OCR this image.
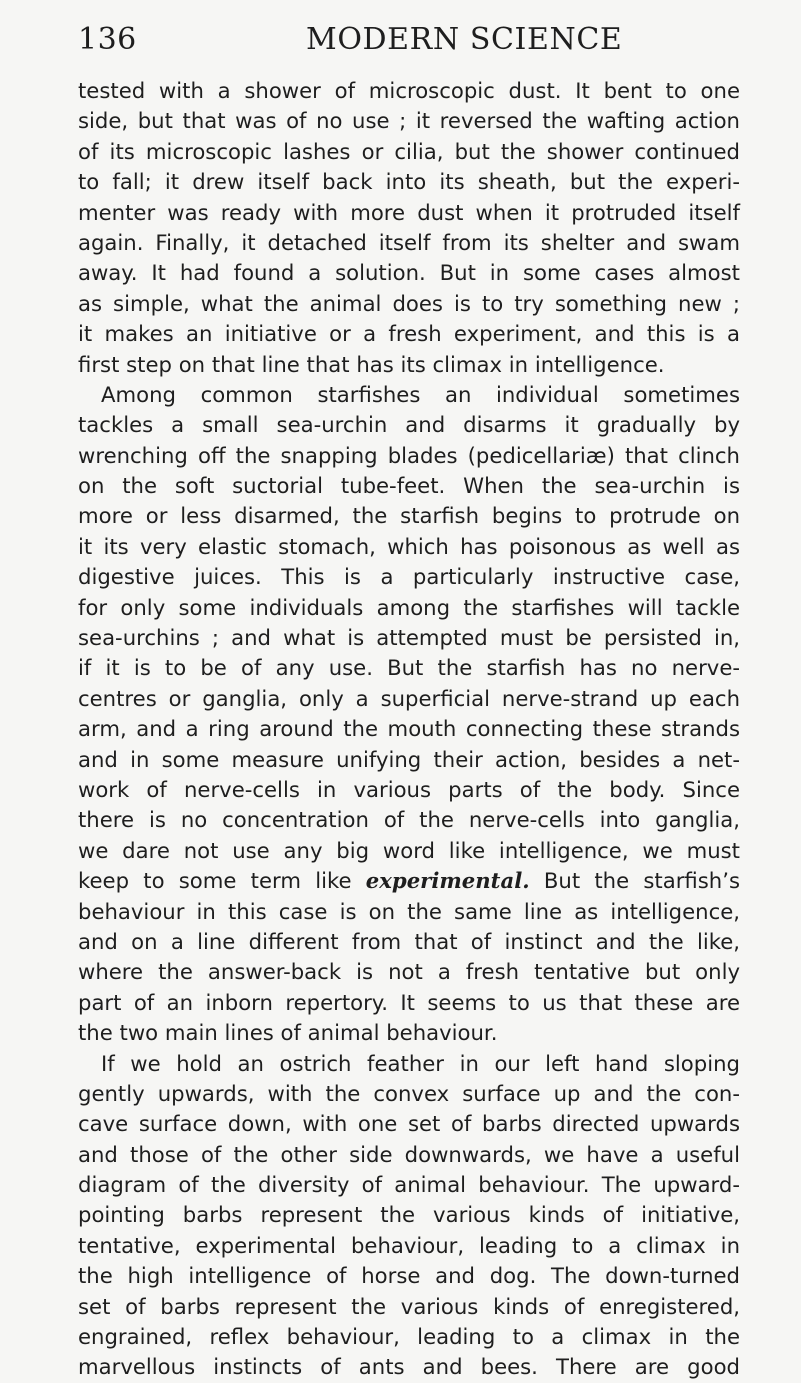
136	MODERN SCIENCE
tested with a shower of microscopic dust. It bent to one
side, but that was of no use ; it reversed the wafting action
of its microscopic lashes or cilia, but the shower continued
to fall; it drew itself back into its sheath, but the experi-
menter was ready with more dust when it protruded itself
again. Finally, it detached itself from its shelter and swam
away. It had found a solution. But in some cases almost
as simple, what the animal does is to try something new ;
it makes an initiative or a fresh experiment, and this is a
first step on that line that has its climax in intelligence.
Among common starfishes an individual sometimes
tackles a small sea-urchin and disarms it gradually by
wrenching off the snapping blades (pedicellariæ) that clinch
on the soft suctorial tube-feet. When the sea-urchin is
more or less disarmed, the starfish begins to protrude on
it its very elastic stomach, which has poisonous as well as
digestive juices. This is a particularly instructive case,
for only some individuals among the starfishes will tackle
sea-urchins ; and what is attempted must be persisted in,
if it is to be of any use. But the starfish has no nerve-
centres or ganglia, only a superficial nerve-strand up each
arm, and a ring around the mouth connecting these strands
and in some measure unifying their action, besides a net-
work of nerve-cells in various parts of the body. Since
there is no concentration of the nerve-cells into ganglia,
we dare not use any big word like intelligence, we must
keep to some term like experimental. But the starfish’s
behaviour in this case is on the same line as intelligence,
and on a line different from that of instinct and the like,
where the answer-back is not a fresh tentative but only
part of an inborn repertory. It seems to us that these are
the two main lines of animal behaviour.
If we hold an ostrich feather in our left hand sloping
gently upwards, with the convex surface up and the con-
cave surface down, with one set of barbs directed upwards
and those of the other side downwards, we have a useful
diagram of the diversity of animal behaviour. The upward-
pointing barbs represent the various kinds of initiative,
tentative, experimental behaviour, leading to a climax in
the high intelligence of horse and dog. The down-turned
set of barbs represent the various kinds of enregistered,
engrained, reflex behaviour, leading to a climax in the
marvellous instincts of ants and bees. There are good
